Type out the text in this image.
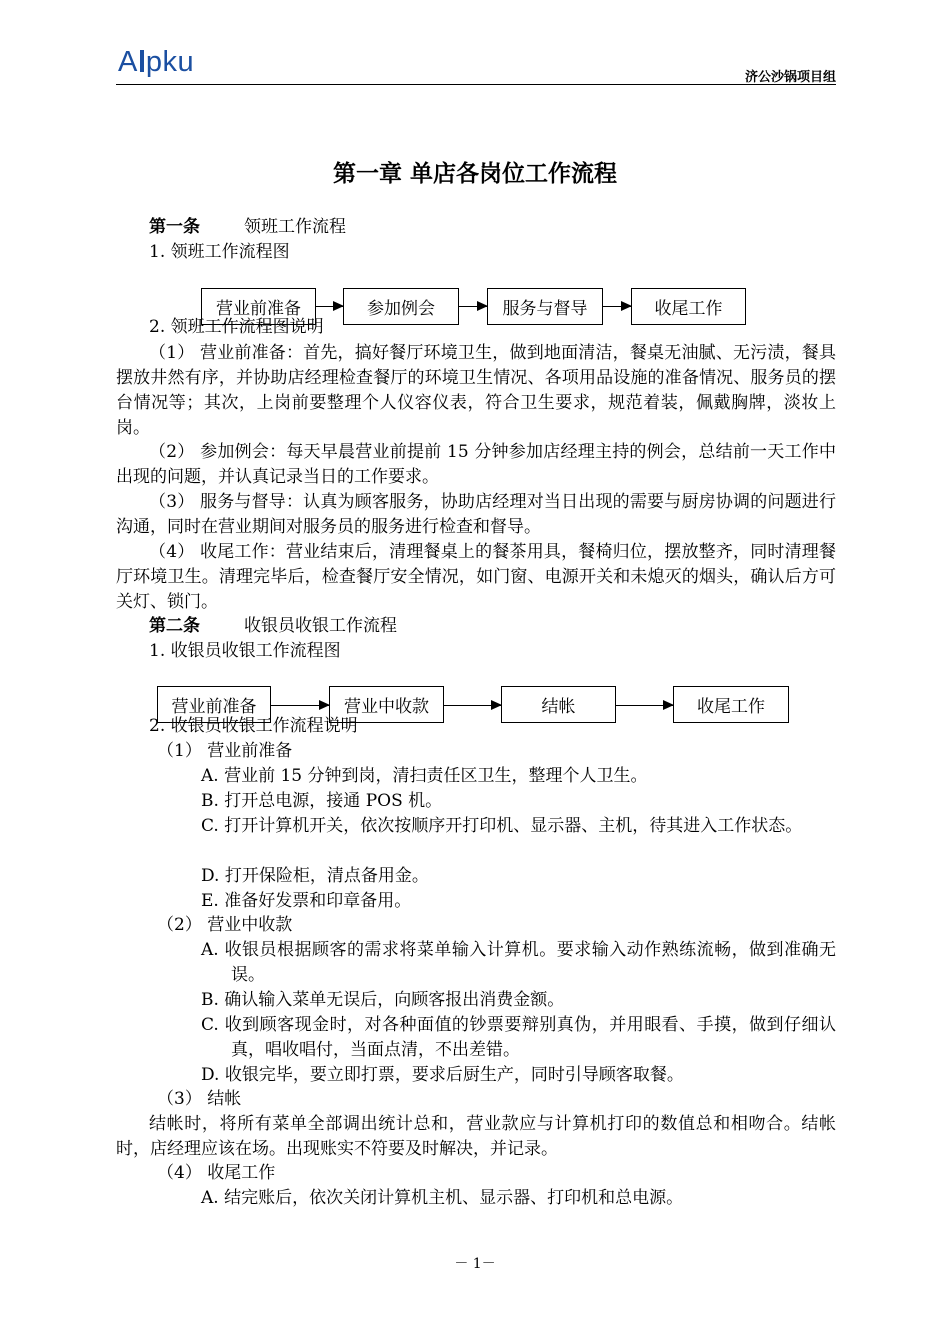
A pku	济公沙锅项目组
第一章 单店各岗位工作流程
第一条	领班工作流程
1. 领班工作流程图
营业前准备	参加例会	服务与督导	收尾工作
2. 领班工作流程图说明
（1） 营业前准备：首先，搞好餐厅环境卫生，做到地面清洁，餐桌无油腻、无污渍，餐具摆放井然有序，并协助店经理检查餐厅的环境卫生情况、各项用品设施的准备情况、服务员的摆台情况等；其次，上岗前要整理个人仪容仪表，符合卫生要求，规范着装，佩戴胸牌，淡妆上岗。
（2） 参加例会：每天早晨营业前提前 15 分钟参加店经理主持的例会，总结前一天工作中出现的问题，并认真记录当日的工作要求。
（3） 服务与督导：认真为顾客服务，协助店经理对当日出现的需要与厨房协调的问题进行沟通，同时在营业期间对服务员的服务进行检查和督导。
（4） 收尾工作：营业结束后，清理餐桌上的餐茶用具，餐椅归位，摆放整齐，同时清理餐厅环境卫生。清理完毕后，检查餐厅安全情况，如门窗、电源开关和未熄灭的烟头，确认后方可关灯、锁门。
第二条	收银员收银工作流程
1. 收银员收银工作流程图
营业前准备	营业中收款	结帐	收尾工作
2. 收银员收银工作流程说明
（1） 营业前准备
A. 营业前 15 分钟到岗，清扫责任区卫生，整理个人卫生。
B. 打开总电源，接通 POS 机。
C. 打开计算机开关，依次按顺序开打印机、显示器、主机，待其进入工作状态。
D. 打开保险柜，清点备用金。
E. 准备好发票和印章备用。
（2） 营业中收款
A. 收银员根据顾客的需求将菜单输入计算机。要求输入动作熟练流畅，做到准确无误。
B. 确认输入菜单无误后，向顾客报出消费金额。
C. 收到顾客现金时，对各种面值的钞票要辩别真伪，并用眼看、手摸，做到仔细认真，唱收唱付，当面点清，不出差错。
D. 收银完毕，要立即打票，要求后厨生产，同时引导顾客取餐。
（3） 结帐
结帐时，将所有菜单全部调出统计总和，营业款应与计算机打印的数值总和相吻合。结帐时，店经理应该在场。出现账实不符要及时解决，并记录。
（4） 收尾工作
A. 结完账后，依次关闭计算机主机、显示器、打印机和总电源。
－ 1－
